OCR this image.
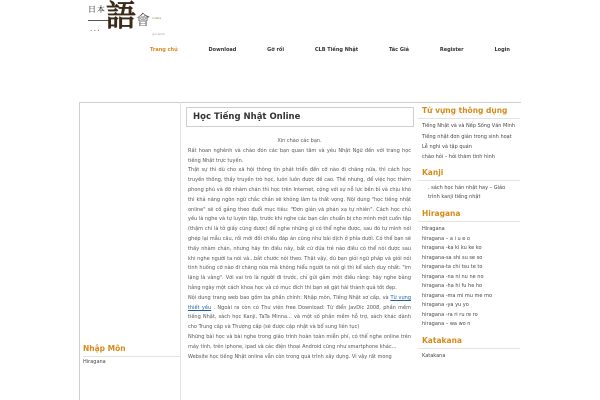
日本
• • • 語 會 online
jpn.work
Trang chủ	Download	Gỡ rối	CLB Tiếng Nhật	Tác Giả	Register	Login
Nhập Môn
Hiragana
Học Tiếng Nhật Online

Xin chào các bạn.

Rất hoan nghênh và chào đón các bạn quan tâm và yêu Nhật Ngữ đến với trang học tiếng Nhật trực tuyến.

Thật sự thì dù cho xã hội thông tin phát triển đến cỡ nào đi chăng nữa, thì cách học truyền thống, thầy truyền trò học, luôn luôn được đề cao. Thế nhưng, để việc học thêm phong phú và đỡ nhàm chán thì học trên Internet, cộng với sự nỗ lực bền bỉ và chịu khó thì khả năng ngôn ngữ chắc chắn sẽ không làm ta thất vọng. Nội dung "học tiếng nhật online" sẽ cố gắng theo đuổi mục tiêu: "Đơn giản và phản xạ tự nhiên". Cách học chủ yếu là nghe và tự luyện tập, trước khi nghe các bạn cần chuẩn bị cho mình một cuốn tập (thậm chí là tờ giấy cũng được) để nghe những gì có thể nghe được, sau đó tự mình nói ghép lại mẫu câu, rồi mới đối chiếu đáp án cũng như bài dịch ở phía dưới. Có thể bạn sẽ thấy nhàm chán, nhưng hãy tin điều này, bất cứ đứa trẻ nào điều có thể nói được sau khi nghe người ta nói và...bắt chước nói theo. Thật vậy, dù bạn giỏi ngữ pháp và giỏi nói tình huống cỡ nào đi chăng nữa mà không hiểu người ta nói gì thì kể sách duy nhất: "im lặng là vàng". Với vai trò là người đi trước, chỉ gửi gắm một điều rằng: hãy nghe bằng hằng ngày một cách khoa học và có mục đích thì bạn sẽ gặt hái thành quả tốt đẹp.

Nội dung trang web bao gồm ba phần chính: Nhập môn, Tiếng Nhật sơ cấp, và Từ vựng thiết yếu . Ngoài ra còn có Thư viện free Download: Từ điển JavDic 2008, phần mềm tiếng Nhật, sách học Kanji, TaTa Minna... và một số phần mềm hỗ trợ, sách khác dành cho Trung cấp và Thượng cấp (sẽ được cập nhật và bổ sung liên tục)

Những bài học và bài nghe trong giáo trình hoàn toàn miễn phí, có thể nghe online trên máy tính, trên iphone, ipad và các điện thoại Android cũng như smartphone khác...

Website học tiếng Nhật online vẫn còn trong quá trình xây dựng. Vì vậy rất mong

Từ vựng thông dụng
Tiếng Nhật và và Nếp Sống Văn Minh
Tiếng nhật đơn giản trong sinh hoạt
Lễ nghi và tập quán
chào hỏi – hỏi thăm tình hình
Kanji
. sách học hán nhật hay – Giáo trình kanji tiếng nhật
Hiragana
Hiragana
hiragana – a i u e o
hiragana -ka ki ku ke ko
hiragana-sa shi su se so
hiragana-ta chi tsu te to
hiragana -na ni nu ne no
hiragana -ha hi fu he ho
hiragana -ma mi mu me mo
hiragana -ya yu yo
hiragana -ra ri ru re ro
hiragana – wa wo n
Katakana
Katakana
